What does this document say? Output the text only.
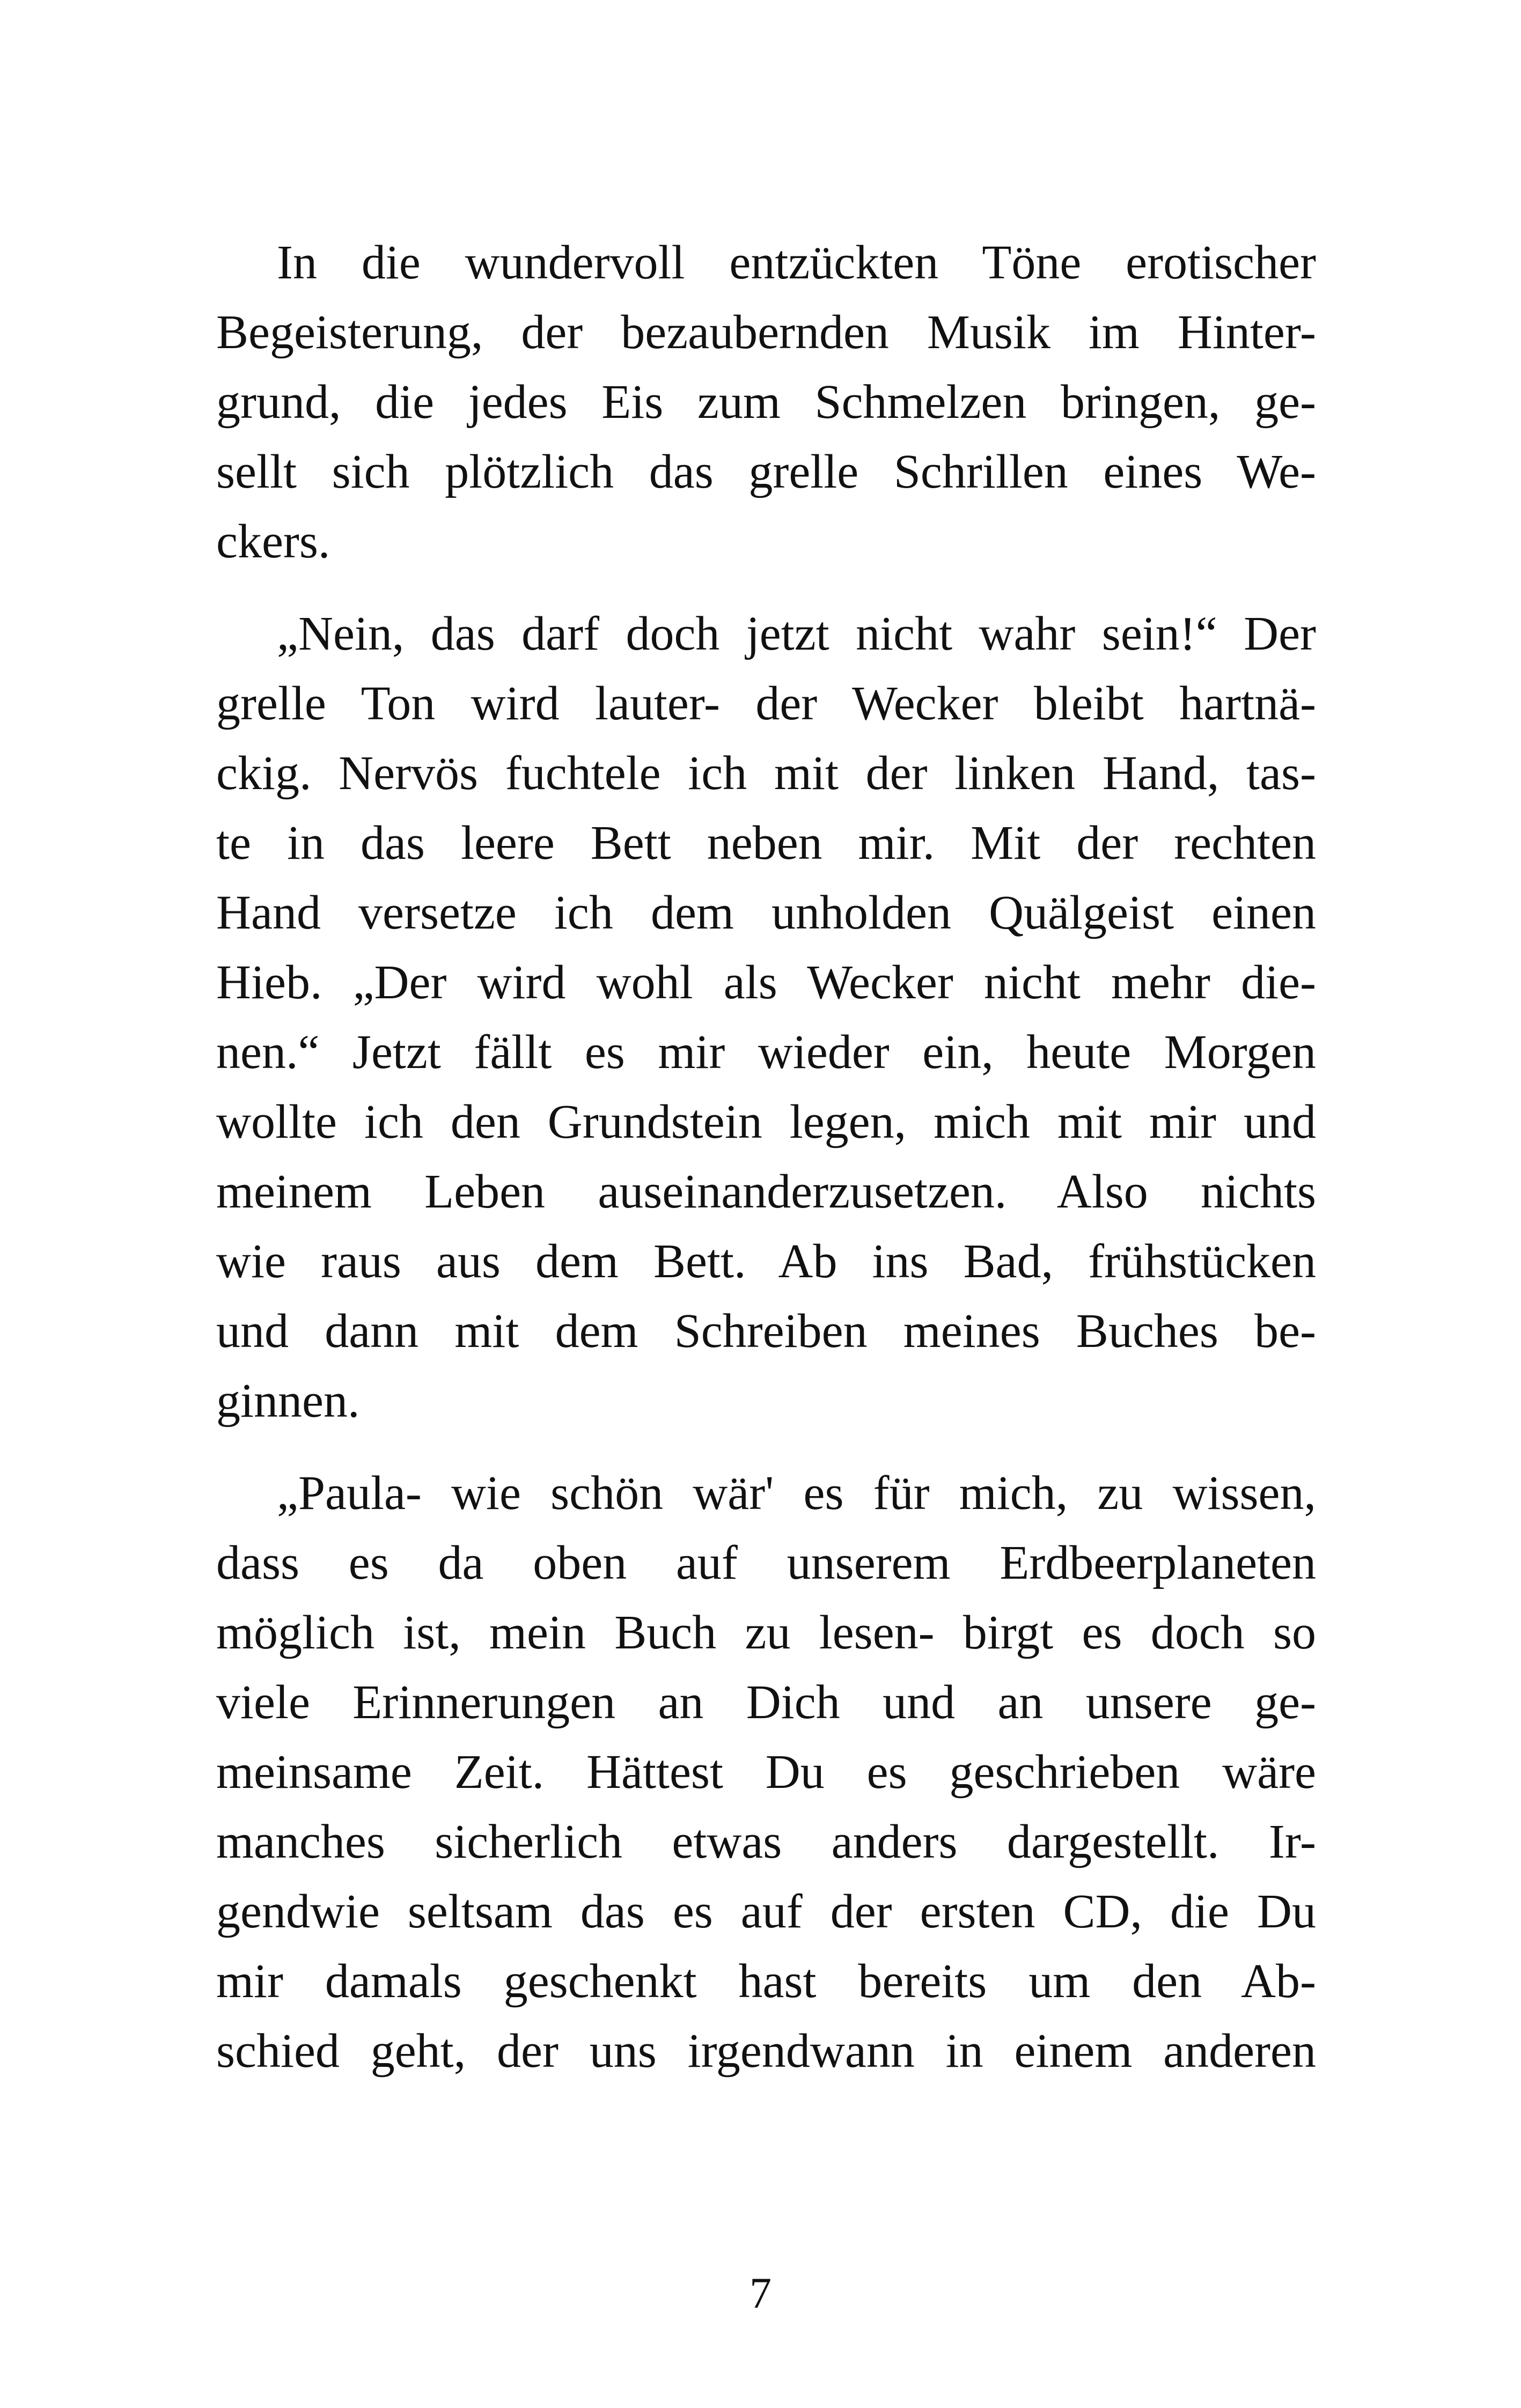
In die wundervoll entzückten Töne erotischer
Begeisterung, der bezaubernden Musik im Hinter-
grund, die jedes Eis zum Schmelzen bringen, ge-
sellt sich plötzlich das grelle Schrillen eines We-
ckers.

„Nein, das darf doch jetzt nicht wahr sein!“ Der
grelle Ton wird lauter- der Wecker bleibt hartnä-
ckig. Nervös fuchtele ich mit der linken Hand, tas-
te in das leere Bett neben mir. Mit der rechten
Hand versetze ich dem unholden Quälgeist einen
Hieb. „Der wird wohl als Wecker nicht mehr die-
nen.“ Jetzt fällt es mir wieder ein, heute Morgen
wollte ich den Grundstein legen, mich mit mir und
meinem Leben auseinanderzusetzen. Also nichts
wie raus aus dem Bett. Ab ins Bad, frühstücken
und dann mit dem Schreiben meines Buches be-
ginnen.

„Paula- wie schön wär' es für mich, zu wissen,
dass es da oben auf unserem Erdbeerplaneten
möglich ist, mein Buch zu lesen- birgt es doch so
viele Erinnerungen an Dich und an unsere ge-
meinsame Zeit. Hättest Du es geschrieben wäre
manches sicherlich etwas anders dargestellt. Ir-
gendwie seltsam das es auf der ersten CD, die Du
mir damals geschenkt hast bereits um den Ab-
schied geht, der uns irgendwann in einem anderen

7
